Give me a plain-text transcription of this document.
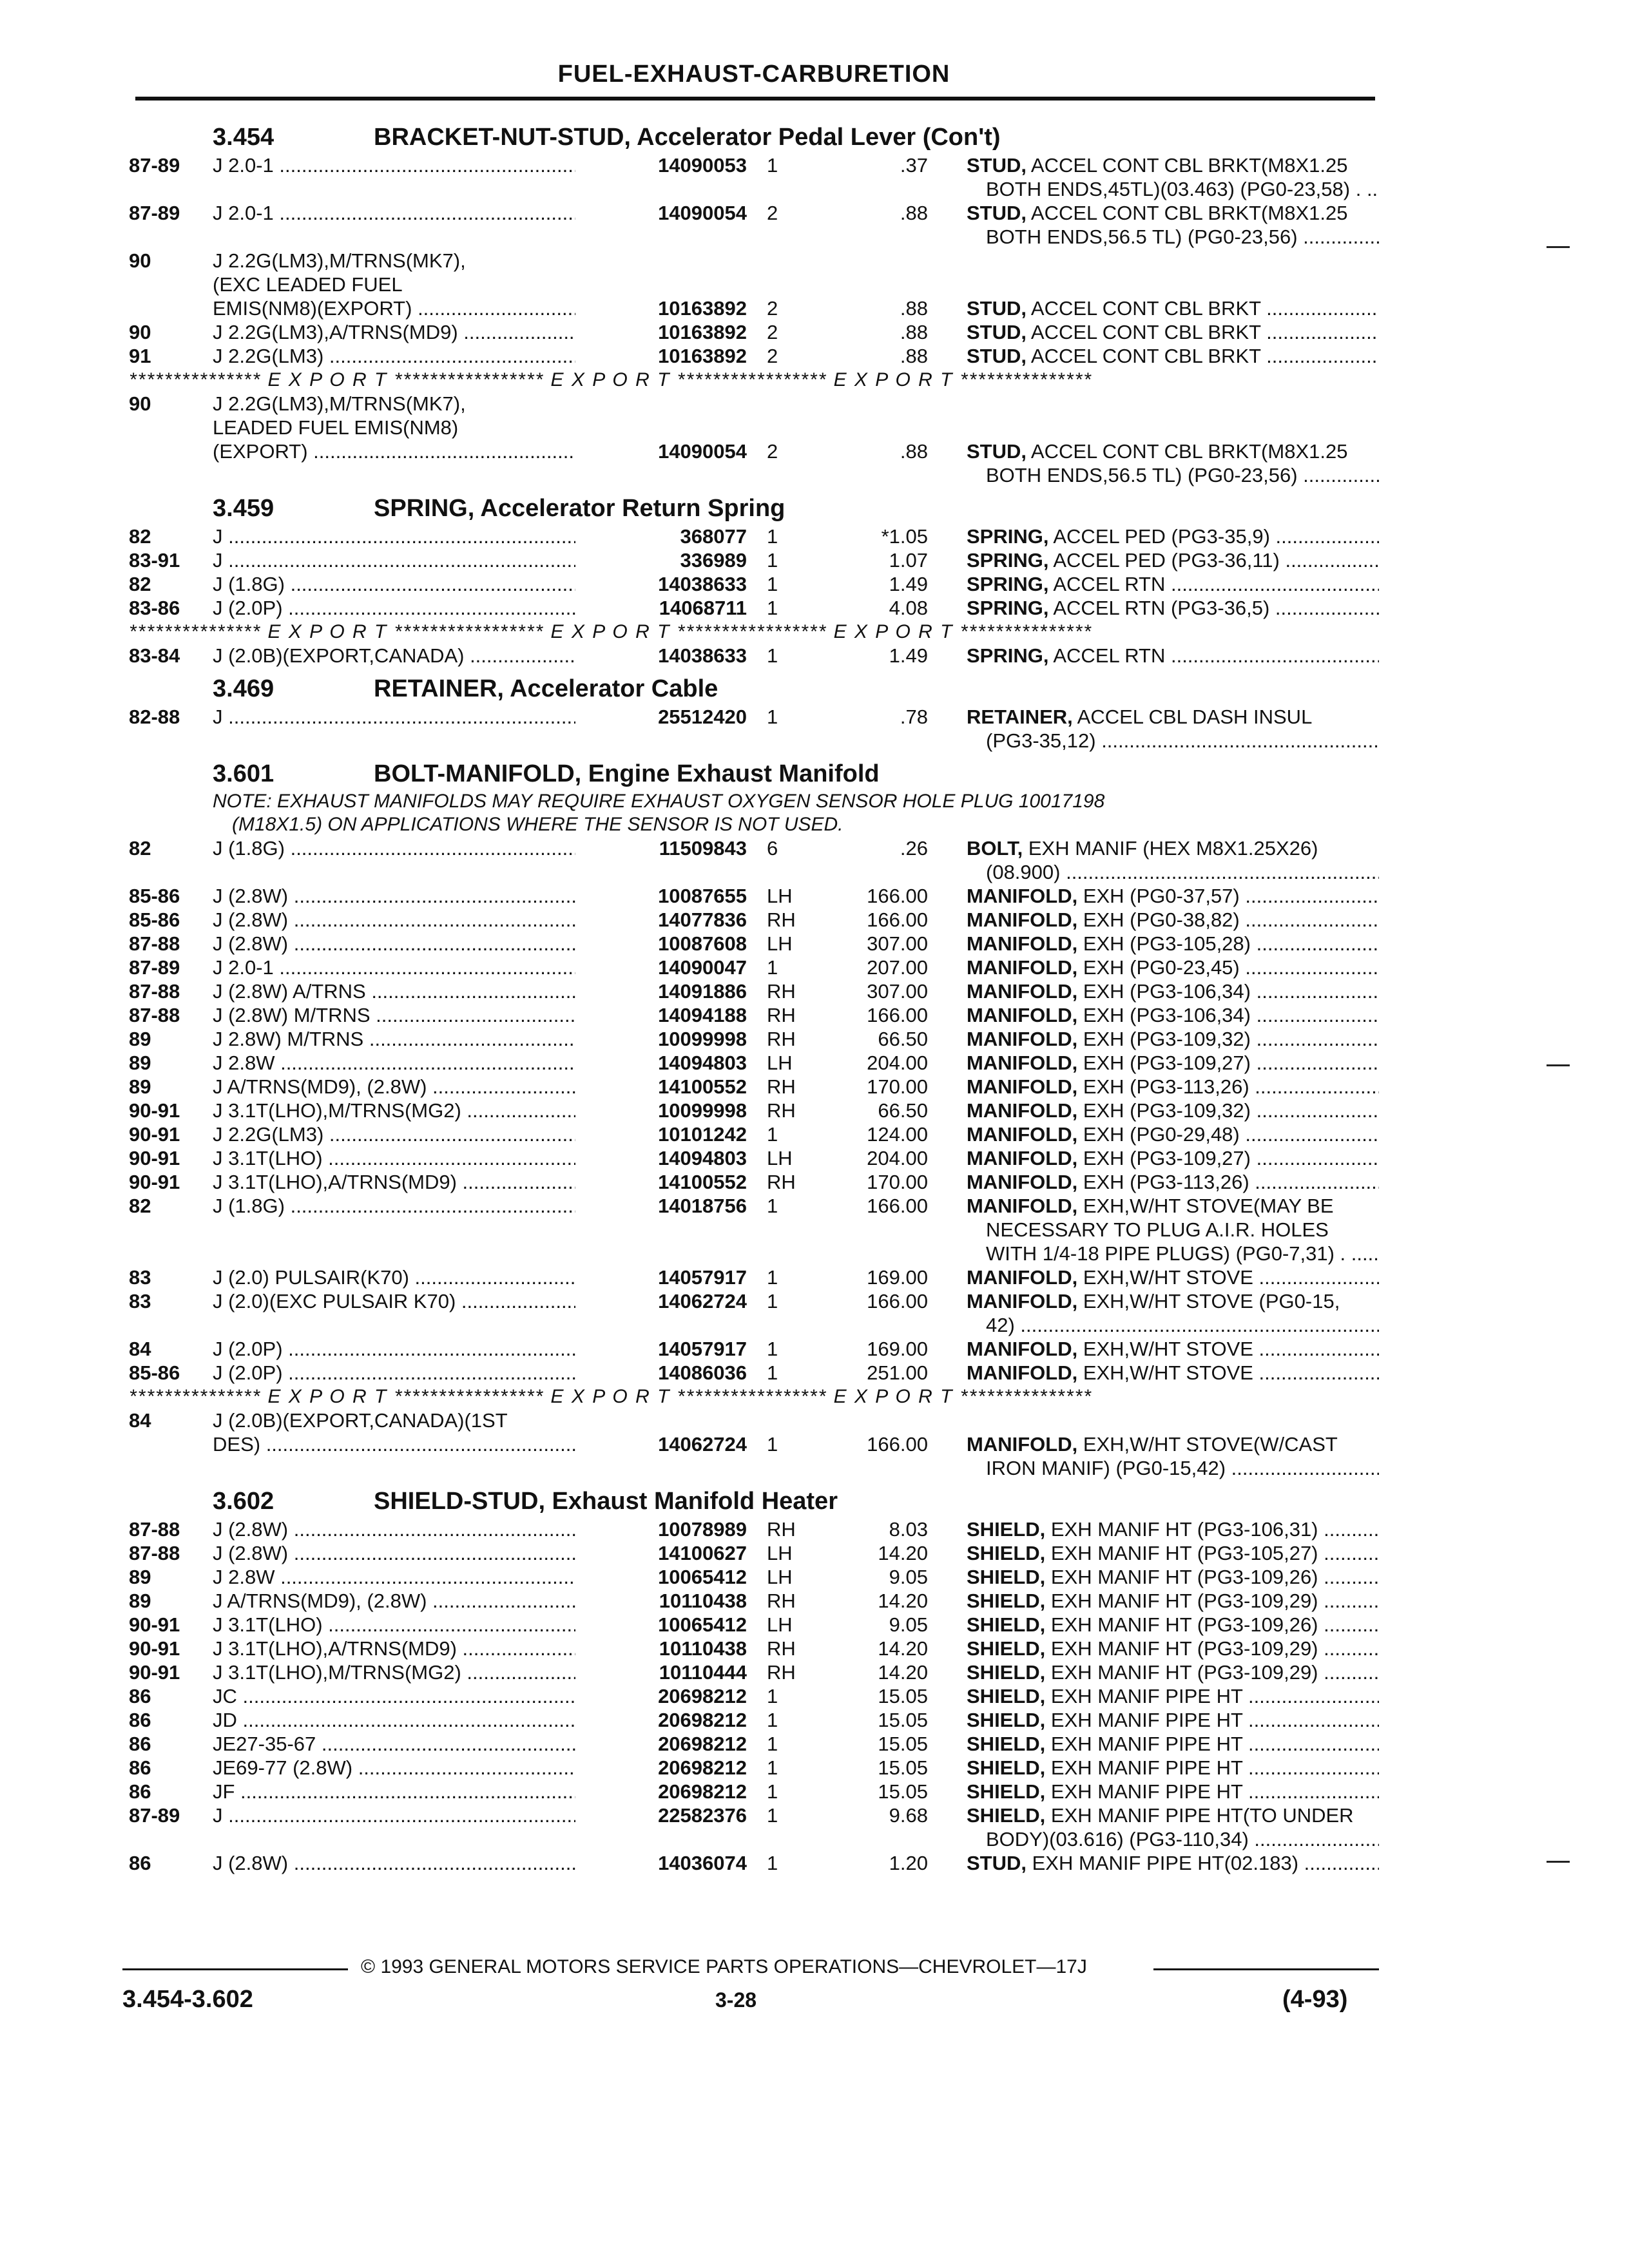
FUEL-EXHAUST-CARBURETION
3.454	BRACKET-NUT-STUD, Accelerator Pedal Lever (Con't)
87-89 J 2.0-1 .....	14090053 1	.37 STUD, ACCEL CONT CBL BRKT(M8X1.25
BOTH ENDS,45TL)(03.463) (PG0-23,58) . .....
87-89 J 2.0-1 .....	14090054 2	.88 STUD, ACCEL CONT CBL BRKT(M8X1.25
BOTH ENDS,56.5 TL) (PG0-23,56) .....
90	J 2.2G(LM3),M/TRNS(MK7),
(EXC LEADED FUEL
EMIS(NM8)(EXPORT) .....	10163892 2	.88 STUD, ACCEL CONT CBL BRKT .....
90	J 2.2G(LM3),A/TRNS(MD9) .....	10163892 2	.88 STUD, ACCEL CONT CBL BRKT .....
91	J 2.2G(LM3) .....	10163892 2	.88 STUD, ACCEL CONT CBL BRKT .....
*************** E X P O R T ***************** E X P O R T ***************** E X P O R T ***************
90	J 2.2G(LM3),M/TRNS(MK7),
LEADED FUEL EMIS(NM8)
(EXPORT) .....	14090054 2	.88 STUD, ACCEL CONT CBL BRKT(M8X1.25
BOTH ENDS,56.5 TL) (PG0-23,56) .....
3.459	SPRING, Accelerator Return Spring
82	J .....	368077 1	*1.05 SPRING, ACCEL PED (PG3-35,9) .....
83-91 J .....	336989 1	1.07 SPRING, ACCEL PED (PG3-36,11) .....
82	J (1.8G) .....	14038633 1	1.49 SPRING, ACCEL RTN .....
83-86 J (2.0P) .....	14068711 1	4.08 SPRING, ACCEL RTN (PG3-36,5) .....
*************** E X P O R T ***************** E X P O R T ***************** E X P O R T ***************
83-84 J (2.0B)(EXPORT,CANADA) .....	14038633 1	1.49 SPRING, ACCEL RTN .....
3.469	RETAINER, Accelerator Cable
82-88 J .....	25512420 1	.78 RETAINER, ACCEL CBL DASH INSUL
(PG3-35,12) .....
3.601	BOLT-MANIFOLD, Engine Exhaust Manifold
NOTE: EXHAUST MANIFOLDS MAY REQUIRE EXHAUST OXYGEN SENSOR HOLE PLUG 10017198
(M18X1.5) ON APPLICATIONS WHERE THE SENSOR IS NOT USED.
82	J (1.8G) .....	11509843 6	.26 BOLT, EXH MANIF (HEX M8X1.25X26)
(08.900) .....
85-86 J (2.8W) .....	10087655 LH	166.00 MANIFOLD, EXH (PG0-37,57) .....
85-86 J (2.8W) .....	14077836 RH	166.00 MANIFOLD, EXH (PG0-38,82) .....
87-88 J (2.8W) .....	10087608 LH	307.00 MANIFOLD, EXH (PG3-105,28) .....
87-89 J 2.0-1 .....	14090047 1	207.00 MANIFOLD, EXH (PG0-23,45) .....
87-88 J (2.8W) A/TRNS .....	14091886 RH	307.00 MANIFOLD, EXH (PG3-106,34) .....
87-88 J (2.8W) M/TRNS .....	14094188 RH	166.00 MANIFOLD, EXH (PG3-106,34) .....
89	J 2.8W) M/TRNS .....	10099998 RH	66.50 MANIFOLD, EXH (PG3-109,32) .....
89	J 2.8W .....	14094803 LH	204.00 MANIFOLD, EXH (PG3-109,27) .....
89	J A/TRNS(MD9), (2.8W) .....	14100552 RH	170.00 MANIFOLD, EXH (PG3-113,26) .....
90-91 J 3.1T(LHO),M/TRNS(MG2) .....	10099998 RH	66.50 MANIFOLD, EXH (PG3-109,32) .....
90-91 J 2.2G(LM3) .....	10101242 1	124.00 MANIFOLD, EXH (PG0-29,48) .....
90-91 J 3.1T(LHO) .....	14094803 LH	204.00 MANIFOLD, EXH (PG3-109,27) .....
90-91 J 3.1T(LHO),A/TRNS(MD9) .....	14100552 RH	170.00 MANIFOLD, EXH (PG3-113,26) .....
82	J (1.8G) .....	14018756 1	166.00 MANIFOLD, EXH,W/HT STOVE(MAY BE
NECESSARY TO PLUG A.I.R. HOLES
WITH 1/4-18 PIPE PLUGS) (PG0-7,31) . .....
83	J (2.0) PULSAIR(K70) .....	14057917 1	169.00 MANIFOLD, EXH,W/HT STOVE .....
83	J (2.0)(EXC PULSAIR K70) .....	14062724 1	166.00 MANIFOLD, EXH,W/HT STOVE (PG0-15,
42) .....
84	J (2.0P) .....	14057917 1	169.00 MANIFOLD, EXH,W/HT STOVE .....
85-86 J (2.0P) .....	14086036 1	251.00 MANIFOLD, EXH,W/HT STOVE .....
*************** E X P O R T ***************** E X P O R T ***************** E X P O R T ***************
84	J (2.0B)(EXPORT,CANADA)(1ST
DES) .....	14062724 1	166.00 MANIFOLD, EXH,W/HT STOVE(W/CAST
IRON MANIF) (PG0-15,42) .....
3.602	SHIELD-STUD, Exhaust Manifold Heater
87-88 J (2.8W) .....	10078989 RH	8.03 SHIELD, EXH MANIF HT (PG3-106,31) .....
87-88 J (2.8W) .....	14100627 LH	14.20 SHIELD, EXH MANIF HT (PG3-105,27) .....
89	J 2.8W .....	10065412 LH	9.05 SHIELD, EXH MANIF HT (PG3-109,26) .....
89	J A/TRNS(MD9), (2.8W) .....	10110438 RH	14.20 SHIELD, EXH MANIF HT (PG3-109,29) .....
90-91 J 3.1T(LHO) .....	10065412 LH	9.05 SHIELD, EXH MANIF HT (PG3-109,26) .....
90-91 J 3.1T(LHO),A/TRNS(MD9) .....	10110438 RH	14.20 SHIELD, EXH MANIF HT (PG3-109,29) .....
90-91 J 3.1T(LHO),M/TRNS(MG2) .....	10110444 RH	14.20 SHIELD, EXH MANIF HT (PG3-109,29) .....
86	JC .....	20698212 1	15.05 SHIELD, EXH MANIF PIPE HT .....
86	JD .....	20698212 1	15.05 SHIELD, EXH MANIF PIPE HT .....
86	JE27-35-67 .....	20698212 1	15.05 SHIELD, EXH MANIF PIPE HT .....
86	JE69-77 (2.8W) .....	20698212 1	15.05 SHIELD, EXH MANIF PIPE HT .....
86	JF .....	20698212 1	15.05 SHIELD, EXH MANIF PIPE HT .....
87-89 J .....	22582376 1	9.68 SHIELD, EXH MANIF PIPE HT(TO UNDER
BODY)(03.616) (PG3-110,34) .....
86	J (2.8W) .....	14036074 1	1.20 STUD, EXH MANIF PIPE HT(02.183) .....
© 1993 GENERAL MOTORS SERVICE PARTS OPERATIONS—CHEVROLET—17J
3.454-3.602	3-28	(4-93)
